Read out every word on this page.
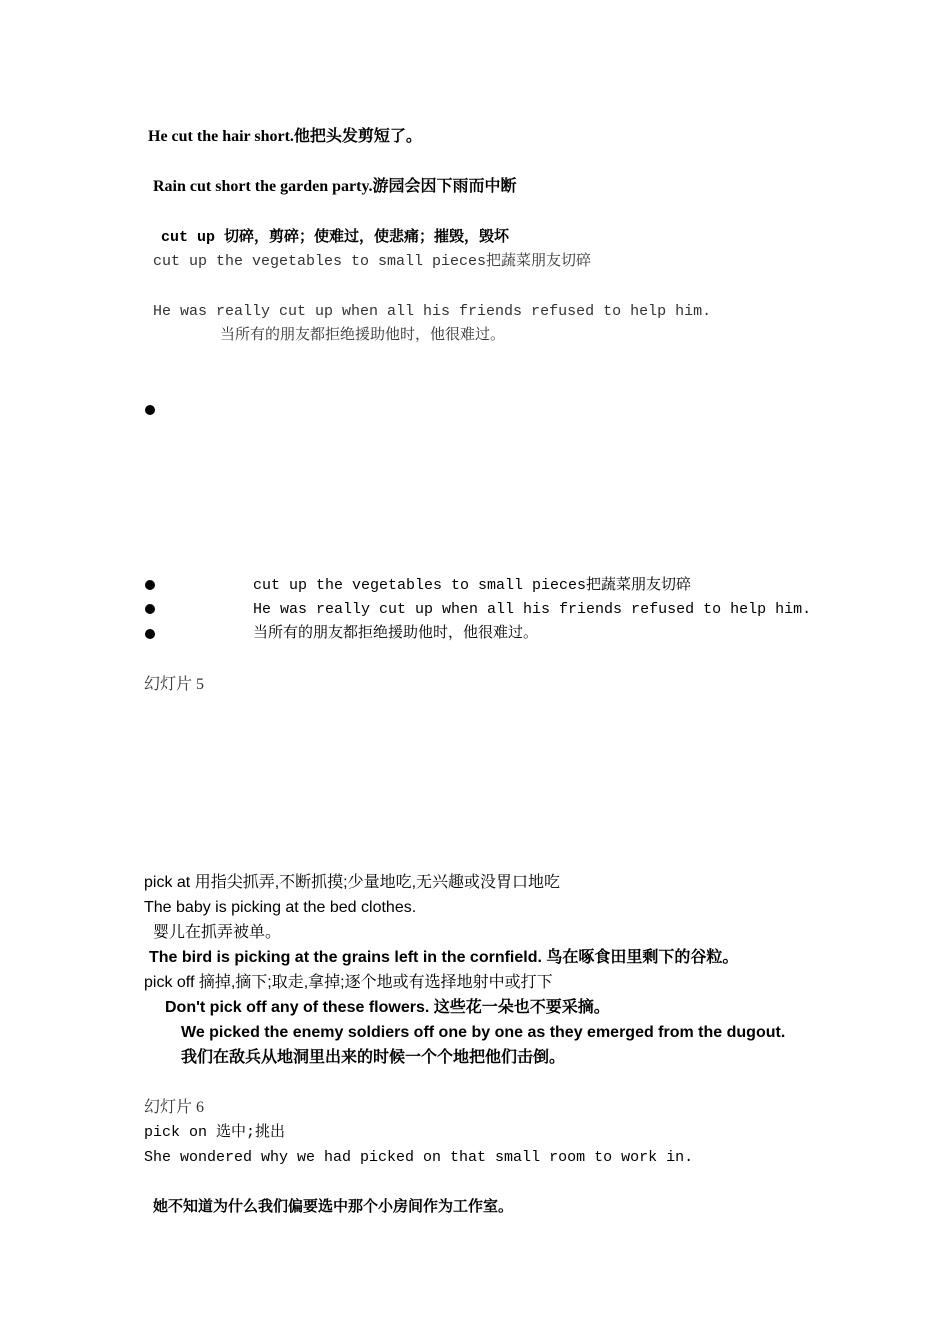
He cut the hair short.他把头发剪短了。
Rain cut short the garden party.游园会因下雨而中断
cut up 切碎，剪碎；使难过，使悲痛；摧毁，毁坏
cut up the vegetables to small pieces把蔬菜朋友切碎
He was really cut up when all his friends refused to help him.
当所有的朋友都拒绝援助他时，他很难过。
cut up the vegetables to small pieces把蔬菜朋友切碎
He was really cut up when all his friends refused to help him.
当所有的朋友都拒绝援助他时，他很难过。
幻灯片 5
pick at 用指尖抓弄,不断抓摸;少量地吃,无兴趣或没胃口地吃
The baby is picking at the bed clothes.
婴儿在抓弄被单。
The bird is picking at the grains left in the cornfield. 鸟在啄食田里剩下的谷粒。
pick off 摘掉,摘下;取走,拿掉;逐个地或有选择地射中或打下
Don't pick off any of these flowers. 这些花一朵也不要采摘。
We picked the enemy soldiers off one by one as they emerged from the dugout.
我们在敌兵从地洞里出来的时候一个个地把他们击倒。
幻灯片 6
pick on 选中;挑出
She wondered why we had picked on that small room to work in.
她不知道为什么我们偏要选中那个小房间作为工作室。
